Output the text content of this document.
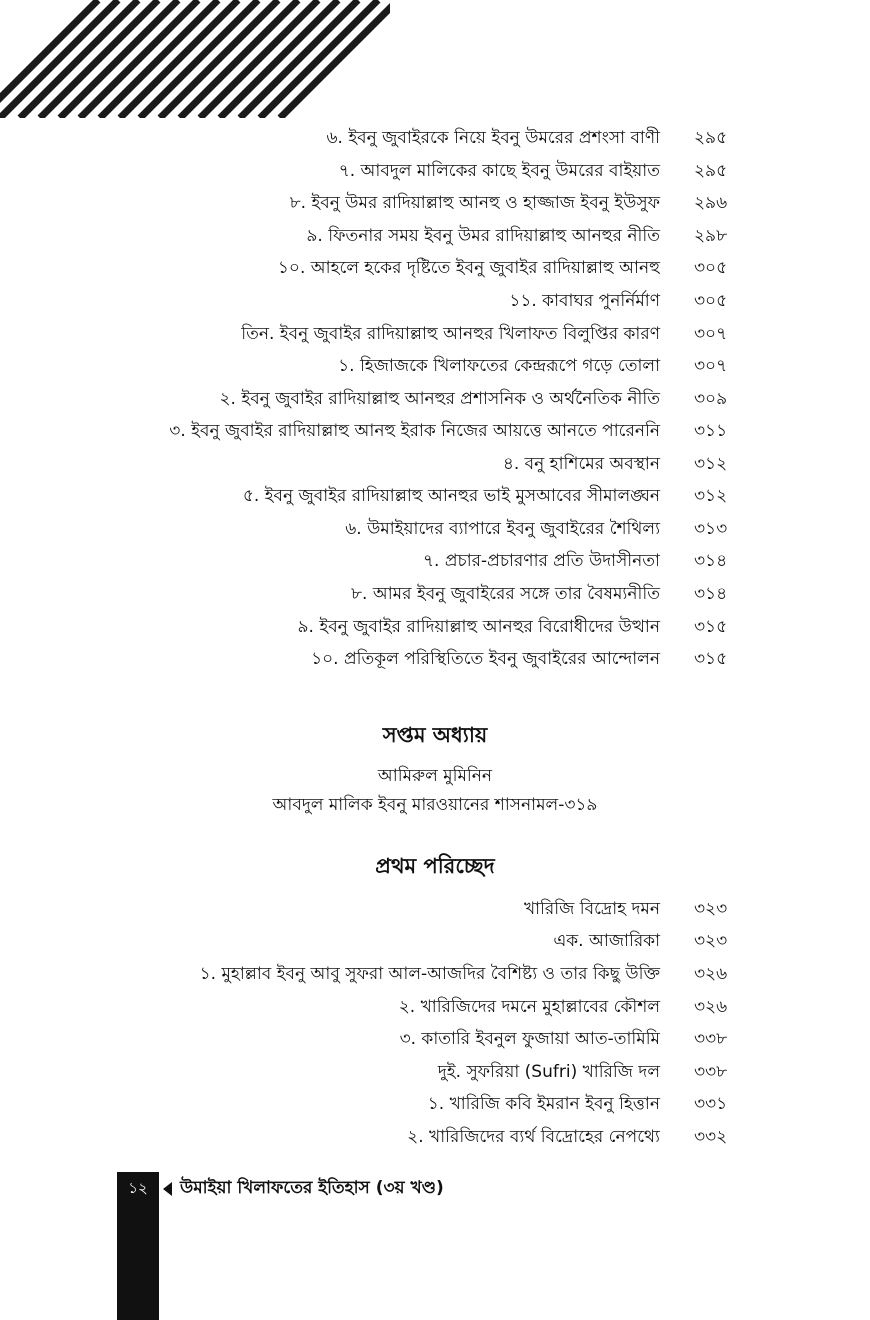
৬. ইবনু জুবাইরকে নিয়ে ইবনু উমরের প্রশংসা বাণী ২৯৫
৭. আবদুল মালিকের কাছে ইবনু উমরের বাইয়াত ২৯৫
৮. ইবনু উমর রাদিয়াল্লাহু আনহু ও হাজ্জাজ ইবনু ইউসুফ ২৯৬
৯. ফিতনার সময় ইবনু উমর রাদিয়াল্লাহু আনহুর নীতি ২৯৮
১০. আহলে হকের দৃষ্টিতে ইবনু জুবাইর রাদিয়াল্লাহু আনহু ৩০৫
১১. কাবাঘর পুনর্নির্মাণ ৩০৫
তিন. ইবনু জুবাইর রাদিয়াল্লাহু আনহুর খিলাফত বিলুপ্তির কারণ ৩০৭
১. হিজাজকে খিলাফতের কেন্দ্ররূপে গড়ে তোলা ৩০৭
২. ইবনু জুবাইর রাদিয়াল্লাহু আনহুর প্রশাসনিক ও অর্থনৈতিক নীতি ৩০৯
৩. ইবনু জুবাইর রাদিয়াল্লাহু আনহু ইরাক নিজের আয়ত্তে আনতে পারেননি ৩১১
৪. বনু হাশিমের অবস্থান ৩১২
৫. ইবনু জুবাইর রাদিয়াল্লাহু আনহুর ভাই মুসআবের সীমালঙ্ঘন ৩১২
৬. উমাইয়াদের ব্যাপারে ইবনু জুবাইরের শৈথিল্য ৩১৩
৭. প্রচার-প্রচারণার প্রতি উদাসীনতা ৩১৪
৮. আমর ইবনু জুবাইরের সঙ্গে তার বৈষম্যনীতি ৩১৪
৯. ইবনু জুবাইর রাদিয়াল্লাহু আনহুর বিরোধীদের উত্থান ৩১৫
১০. প্রতিকূল পরিস্থিতিতে ইবনু জুবাইরের আন্দোলন ৩১৫
সপ্তম অধ্যায়
আমিরুল মুমিনিন
আবদুল মালিক ইবনু মারওয়ানের শাসনামল-৩১৯
প্রথম পরিচ্ছেদ
খারিজি বিদ্রোহ দমন ৩২৩
এক. আজারিকা ৩২৩
১. মুহাল্লাব ইবনু আবু সুফরা আল-আজদির বৈশিষ্ট্য ও তার কিছু উক্তি ৩২৬
২. খারিজিদের দমনে মুহাল্লাবের কৌশল ৩২৬
৩. কাতারি ইবনুল ফুজায়া আত-তামিমি ৩৩৮
দুই. সুফরিয়া (Sufri) খারিজি দল ৩৩৮
১. খারিজি কবি ইমরান ইবনু হিত্তান ৩৩১
২. খারিজিদের ব্যর্থ বিদ্রোহের নেপথ্যে ৩৩২
১২	উমাইয়া খিলাফতের ইতিহাস (৩য় খণ্ড)
